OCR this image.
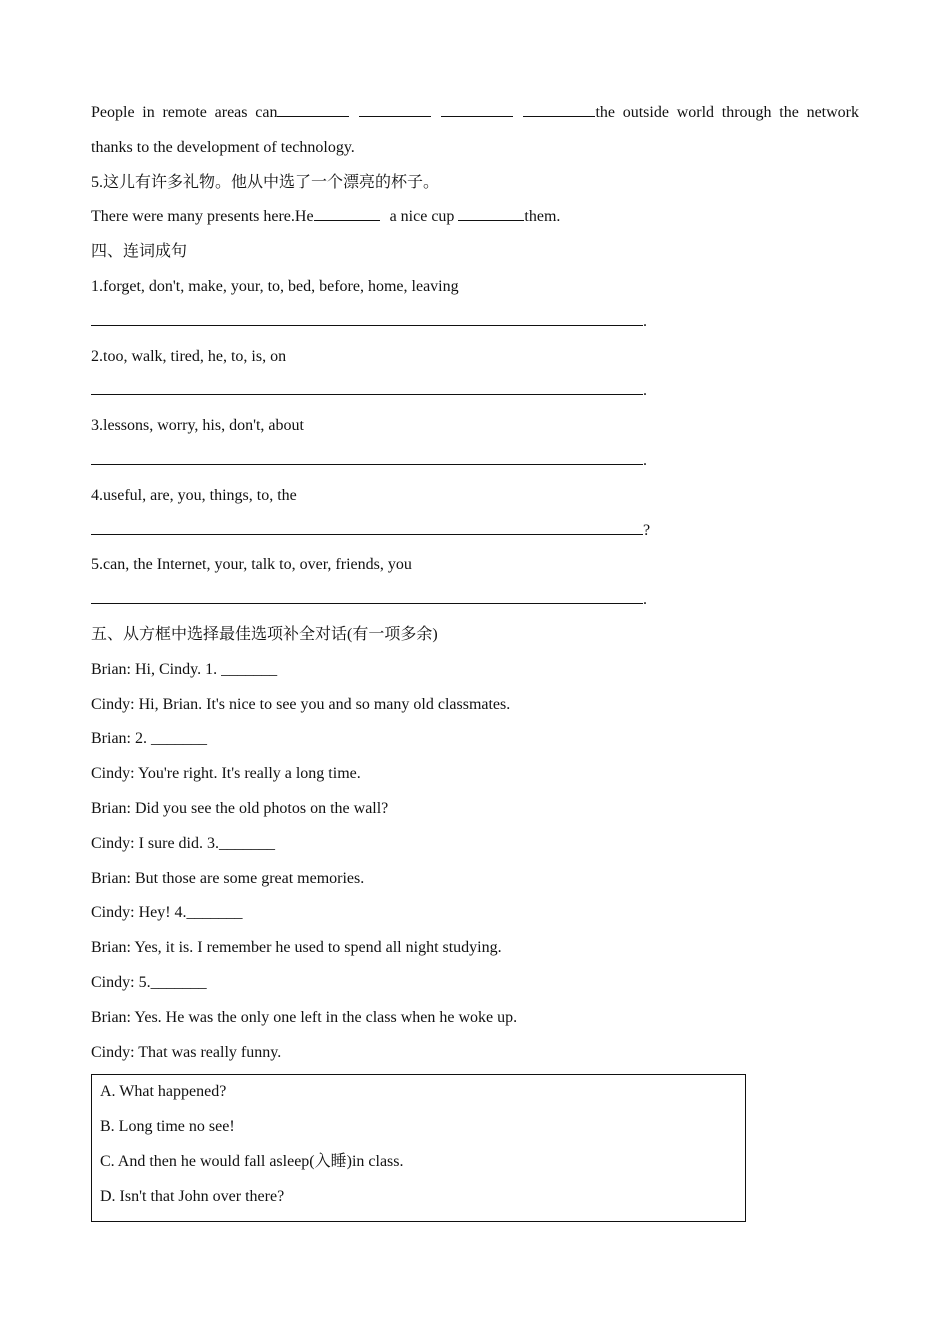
People in remote areas can	the outside world through the network
thanks to the development of technology.
5.这儿有许多礼物。他从中选了一个漂亮的杯子。
There were many presents here.He	a nice cup	them.
四、连词成句
1.forget, don't, make, your, to, bed, before, home, leaving
.
2.too, walk, tired, he, to, is, on
.
3.lessons, worry, his, don't, about
.
4.useful, are, you, things, to, the
?
5.can, the Internet, your, talk to, over, friends, you
.
五、从方框中选择最佳选项补全对话(有一项多余)
Brian: Hi, Cindy. 1. _______
Cindy: Hi, Brian. It's nice to see you and so many old classmates.
Brian: 2. _______
Cindy: You're right. It's really a long time.
Brian: Did you see the old photos on the wall?
Cindy: I sure did. 3._______
Brian: But those are some great memories.
Cindy: Hey! 4._______
Brian: Yes, it is. I remember he used to spend all night studying.
Cindy: 5._______
Brian: Yes. He was the only one left in the class when he woke up.
Cindy: That was really funny.
A. What happened?
B. Long time no see!
C. And then he would fall asleep(入睡)in class.
D. Isn't that John over there?
